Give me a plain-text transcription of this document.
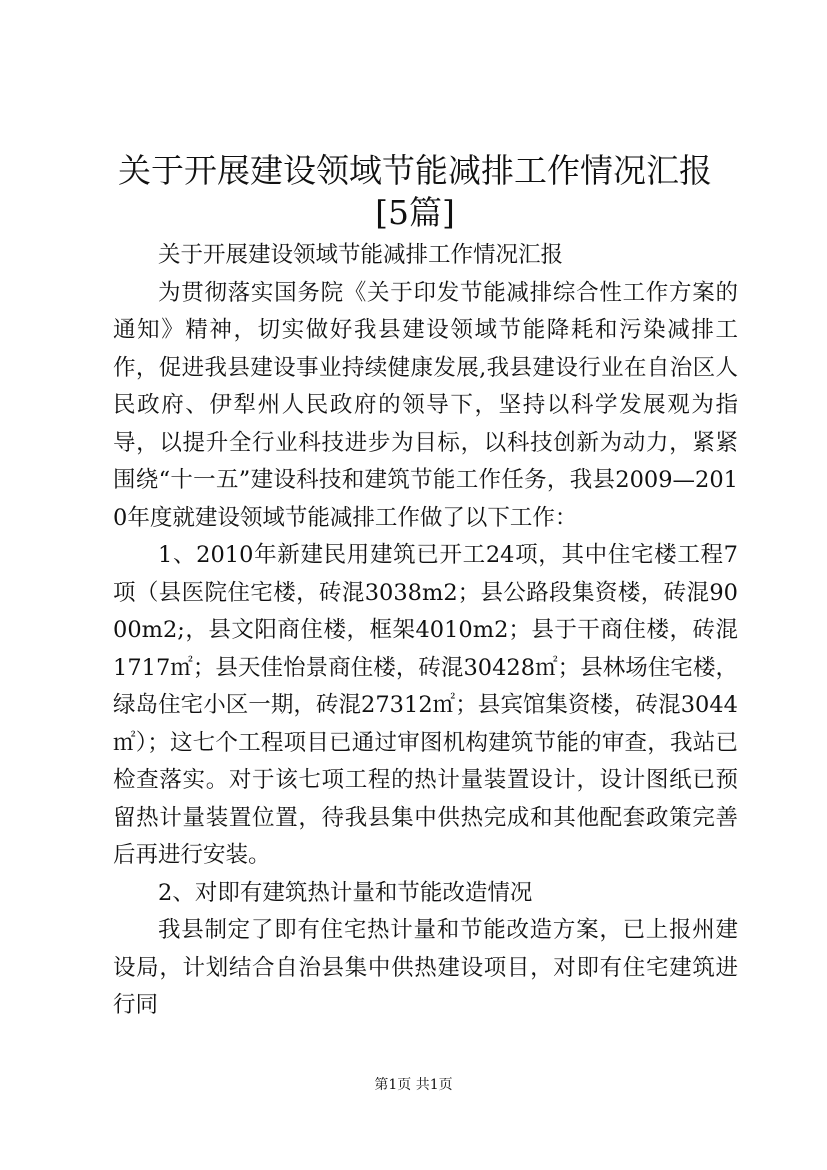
关于开展建设领域节能减排工作情况汇报[5篇]

关于开展建设领域节能减排工作情况汇报

为贯彻落实国务院《关于印发节能减排综合性工作方案的通知》精神，切实做好我县建设领域节能降耗和污染减排工作，促进我县建设事业持续健康发展,我县建设行业在自治区人民政府、伊犁州人民政府的领导下，坚持以科学发展观为指导，以提升全行业科技进步为目标，以科技创新为动力，紧紧围绕“十一五”建设科技和建筑节能工作任务，我县2009—2010年度就建设领域节能减排工作做了以下工作：

1、2010年新建民用建筑已开工24项，其中住宅楼工程7项（县医院住宅楼，砖混3038m2；县公路段集资楼，砖混9000m2;，县文阳商住楼，框架4010m2；县于干商住楼，砖混1717㎡；县天佳怡景商住楼，砖混30428㎡；县林场住宅楼，绿岛住宅小区一期，砖混27312㎡；县宾馆集资楼，砖混3044㎡）；这七个工程项目已通过审图机构建筑节能的审查，我站已检查落实。对于该七项工程的热计量装置设计，设计图纸已预留热计量装置位置，待我县集中供热完成和其他配套政策完善后再进行安装。

2、对即有建筑热计量和节能改造情况

我县制定了即有住宅热计量和节能改造方案，已上报州建设局，计划结合自治县集中供热建设项目，对即有住宅建筑进行同

第1页 共1页
